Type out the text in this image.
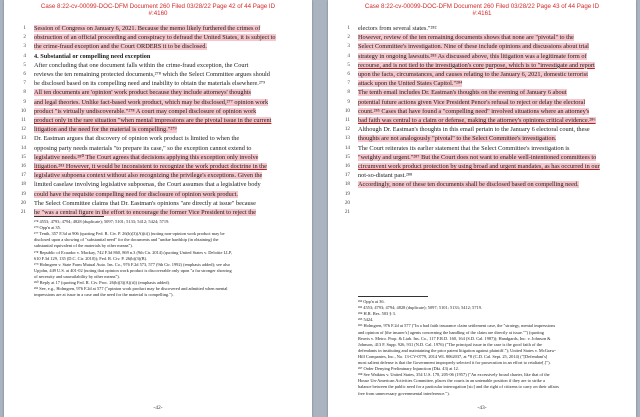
Case 8:22-cv-00099-DOC-DFM Document 260 Filed 03/28/22 Page 42 of 44 Page ID
#:4160
1 Session of Congress on January 6, 2021. Because the memo likely furthered the crimes of
2 obstruction of an official proceeding and conspiracy to defraud the United States, it is subject to
3 the crime-fraud exception and the Court ORDERS it to be disclosed.
4 4. Substantial or compelling need exception
5 After concluding that one document falls within the crime-fraud exception, the Court
6 reviews the ten remaining protected documents,²⁷⁸ which the Select Committee argues should
7 be disclosed based on its compelling need and inability to obtain the materials elsewhere.²⁷⁹
8 All ten documents are 'opinion' work product because they include attorneys' thoughts
9 and legal theories. Unlike fact-based work product, which may be disclosed,²⁷⁷ opinion work
10 product "is virtually undiscoverable."²⁷⁸ A court may compel disclosure of opinion work
11 product only in the rare situation "when mental impressions are the pivotal issue in the current
12 litigation and the need for the material is compelling."²⁷⁹
13 Dr. Eastman argues that discovery of opinion work product is limited to when the
14 opposing party needs materials "to prepare its case," so the exception cannot extend to
15 legislative needs.²⁸⁰ The Court agrees that decisions applying this exception only involve
16 litigation.²⁸¹ However, it would be inconsistent to recognize the work product doctrine in the
17 legislative subpoena context without also recognizing the privilege's exceptions. Given the
18 limited caselaw involving legislative subpoenas, the Court assumes that a legislative body
19 could have the requisite compelling need for disclosure of opinion work product.
20 The Select Committee claims that Dr. Eastman's opinions "are directly at issue" because
21 he "was a central figure in the effort to encourage the former Vice President to reject the
²⁷⁸ 4553; 4793; 4794; 4828 (duplicate); 5097; 5101; 5133; 5412; 5424; 5719.
²⁷⁹ Opp'n at 35.
²⁷⁷ Tenth, 357 F.3d at 906 (quoting Fed. R. Civ. P. 26(b)(3)(A)(ii)) (noting non-opinion work product may be
disclosed upon a showing of "substantial need" for the documents and "undue hardship (in obtaining) the
substantial equivalent of the materials by other means").
²⁷⁸ Republic of Ecuador v. Mackay, 742 F.3d 860, 869 n.3 (9th Cir. 2014) (quoting United States v. Deloitte LLP,
610 F.3d 129, 135 (D.C. Cir. 2010)); Fed. R. Civ. P. 26(b)(3)(B).
²⁷⁹ Holmgren v. State Farm Mutual Auto. Ins. Co., 976 F.2d 573, 577 (9th Cir. 1992) (emphasis added); see also
Upjohn, 449 U.S. at 401-02 (noting that opinion work product is discoverable only upon "a far stronger showing
of necessity and unavailability by other means").
²⁸⁰ Reply at 17 (quoting Fed. R. Civ. Proc. 26(b)(3)(A)(ii)) (emphasis added).
²⁸¹ See, e.g., Holmgren, 976 F.2d at 577 ("opinion work product may be discovered and admitted when mental
impressions are at issue in a case and the need for the material is compelling.").
-42-
Case 8:22-cv-00099-DOC-DFM Document 260 Filed 03/28/22 Page 43 of 44 Page ID
#:4161
1 electors from several states."²⁸²
2 However, review of the ten remaining documents shows that none are "pivotal" to the
3 Select Committee's investigation. Nine of these include opinions and discussions about trial
4 strategy in ongoing lawsuits.²⁸³ As discussed above, this litigation was a legitimate form of
5 recourse, and is not tied to the investigation's core purpose, which is to "investigate and report
6 upon the facts, circumstances, and causes relating to the January 6, 2021, domestic terrorist
7 attack upon the United States Capitol."²⁸⁴
8 The tenth email includes Dr. Eastman's thoughts on the evening of January 6 about
9 potential future actions given Vice President Pence's refusal to reject or delay the electoral
10 count.²⁸⁵ Cases that have found a "compelling need" involved situations where an attorney's
11 bad faith was central to a claim or defense, making the attorney's opinions critical evidence.²⁸⁶
12 Although Dr. Eastman's thoughts in this email pertain to the January 6 electoral count, these
13 thoughts are not analogously "pivotal" to the Select Committee's investigation.
14 The Court reiterates its earlier statement that the Select Committee's investigation is
15 "weighty and urgent."²⁸⁷ But the Court does not want to enable well-intentioned committees to
16 circumvent work product protection by using broad and urgent mandates, as has occurred in our
17 not-so-distant past.²⁸⁸
18 Accordingly, none of these ten documents shall be disclosed based on compelling need.
19
20
21
²⁸² Opp'n at 36.
²⁸³ 4553; 4793; 4794; 4828 (duplicate); 5097; 5101; 5133; 5412; 5719.
²⁸⁴ H.R. Res. 503 § 3.
²⁸⁵ 5424.
²⁸⁶ Holmgren, 976 F.2d at 577 ("In a bad faith insurance claim settlement case, the "strategy, mental impressions
and opinion of [the insurer's] agents concerning the handling of the claim are directly at issue."") (quoting
Reavis v. Metro. Prop. & Liab. Ins. Co., 117 F.R.D. 160, 164 (S.D. Cal. 1987)); Handgards, Inc. v. Johnson &
Johnson, 413 F. Supp. 926, 931 (N.D. Cal. 1976) ("The principal issue in the case is the good faith of the
defendants in instituting and maintaining the prior patent litigation against plaintiff."); United States v. McGraw-
Hill Companies, Inc., No. 13-CV-0779, 2014 WL 8062037, at *8 (C.D. Cal. Sept. 25, 2014) ("[Defendant's]
most salient defense is that the Government improperly selected it for prosecution in an effort to retaliate[.]").
²⁸⁷ Order Denying Preliminary Injunction (Dkt. 43) at 12.
²⁸⁸ See Watkins v. United States, 354 U.S. 178, 205-06 (1957) ("An excessively broad charter, like that of the
House Un-American Activities Committee, places the courts in an untenable position if they are to strike a
balance between the public need for a particular interrogation [sic] and the right of citizens to carry on their affairs
free from unnecessary governmental interference.").
-43-
